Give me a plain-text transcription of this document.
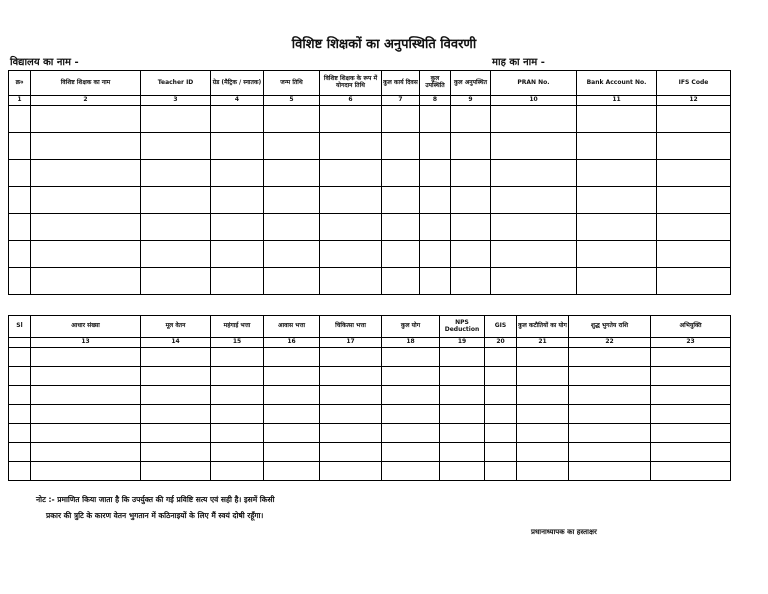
विशिष्ट शिक्षकों का अनुपस्थिति विवरणी
विद्यालय का नाम -	माह का नाम -
क्र०	विशिष्ट शिक्षक का नाम	Teacher ID	ग्रेड (मैट्रिक / स्नातक)	जन्म तिथि	विशिष्ट शिक्षक के रूप में योगदान तिथि	कुल कार्य दिवस	कुल उपस्थिति	कुल अनुपस्थित	PRAN No.	Bank Account No.	IFS Code
1	2	3	4	5	6	7	8	9	10	11	12

Sl	आधार संख्या	मूल वेतन	महंगाई भत्ता	आवास भत्ता	चिकित्सा भत्ता	कुल योग	NPS Deduction	GIS	कुल कटौतियों का योग	शुद्ध भुगतेय राशि	अभियुक्ति
	13	14	15	16	17	18	19	20	21	22	23

नोट :- प्रमाणित किया जाता है कि उपर्युक्त की गई प्रविष्टि सत्य एवं सही है। इसमें किसी
प्रकार की त्रुटि के कारण वेतन भुगतान में कठिनाइयों के लिए मैं स्वयं दोषी रहूँगा।
प्रधानाध्यापक का हस्ताक्षर
